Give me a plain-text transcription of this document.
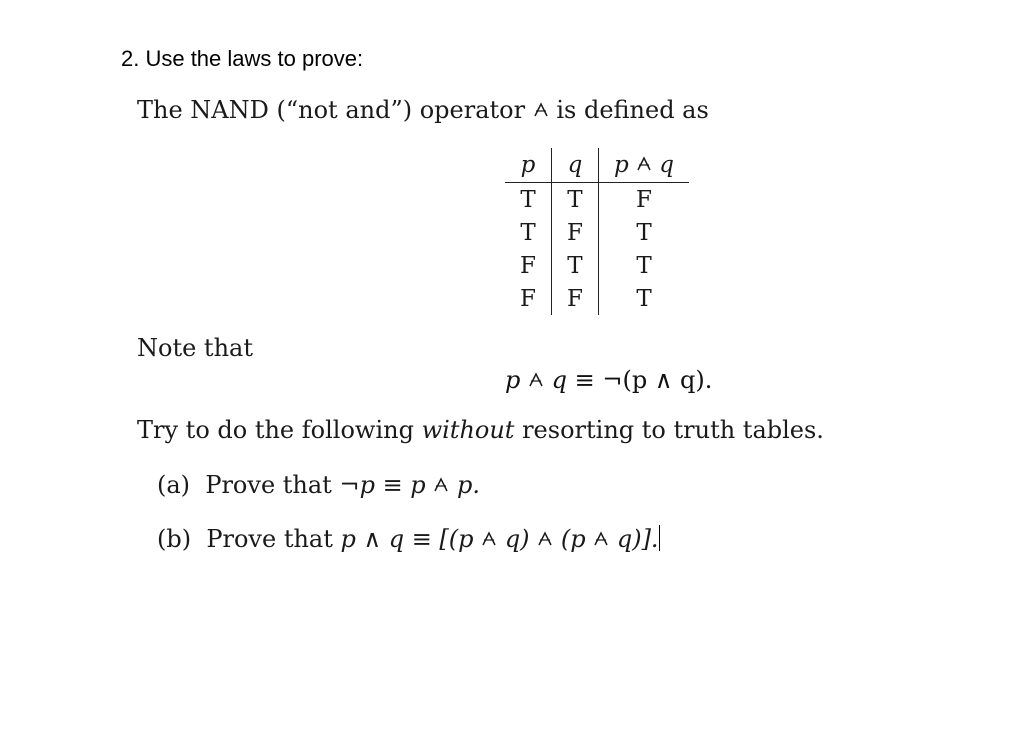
2. Use the laws to prove:
The NAND (“not and”) operator
is defined as
p	q	p q
T	T	F
T	F	T
F	T	T
F	F	T
Note that
p q ≡ ¬(p ∧ q).
Try to do the following without resorting to truth tables.
(a) Prove that ¬p ≡ p p.
(b) Prove that p ∧ q ≡ [(p q) (p q)].
